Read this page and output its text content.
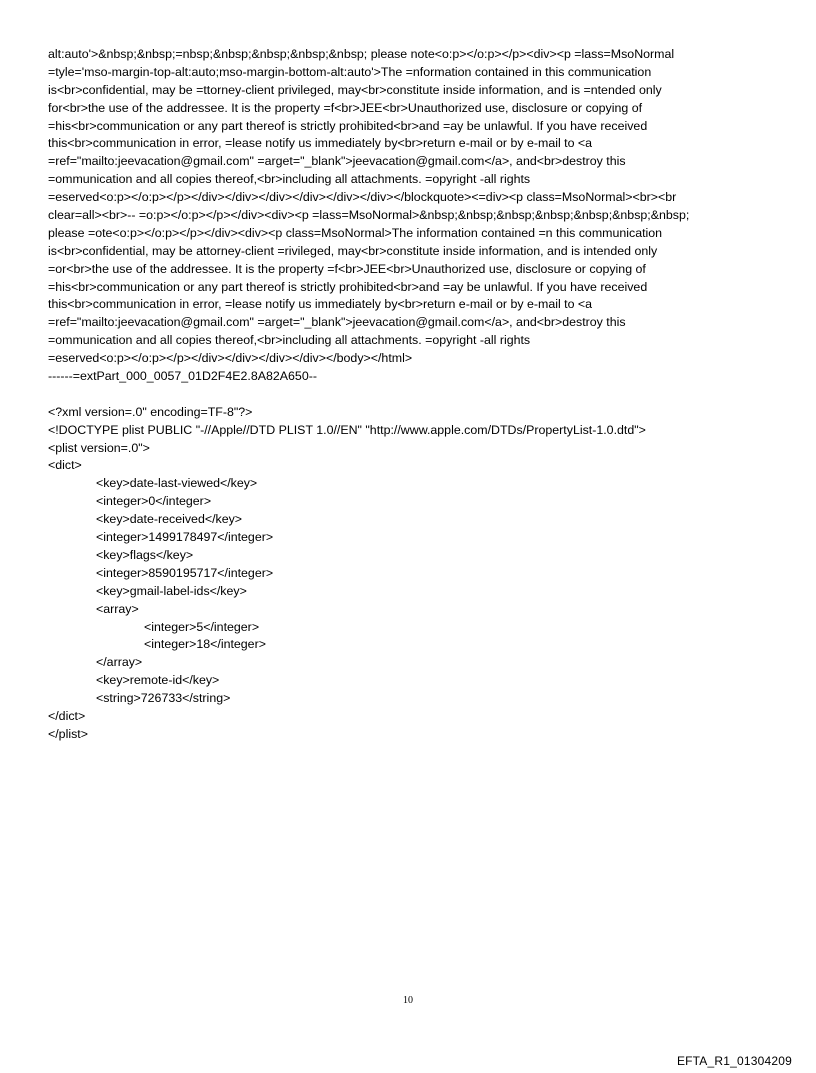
alt:auto'>&nbsp;&nbsp;=nbsp;&nbsp;&nbsp;&nbsp;&nbsp; please note<o:p></o:p></p><div><p =lass=MsoNormal
=tyle='mso-margin-top-alt:auto;mso-margin-bottom-alt:auto'>The =nformation contained in this communication
is<br>confidential, may be =ttorney-client privileged, may<br>constitute inside information, and is =ntended only
for<br>the use of the addressee. It is the property =f<br>JEE<br>Unauthorized use, disclosure or copying of
=his<br>communication or any part thereof is strictly prohibited<br>and =ay be unlawful. If you have received
this<br>communication in error, =lease notify us immediately by<br>return e-mail or by e-mail to <a
=ref="mailto:jeevacation@gmail.com" =arget="_blank">jeevacation@gmail.com</a>, and<br>destroy this
=ommunication and all copies thereof,<br>including all attachments. =opyright -all rights
=eserved<o:p></o:p></p></div></div></div></div></div></div></blockquote><=div><p class=MsoNormal><br><br
clear=all><br>-- =o:p></o:p></p></div><div><p =lass=MsoNormal>&nbsp;&nbsp;&nbsp;&nbsp;&nbsp;&nbsp;&nbsp;
please =ote<o:p></o:p></p></div><div><p class=MsoNormal>The information contained =n this communication
is<br>confidential, may be attorney-client =rivileged, may<br>constitute inside information, and is intended only
=or<br>the use of the addressee. It is the property =f<br>JEE<br>Unauthorized use, disclosure or copying of
=his<br>communication or any part thereof is strictly prohibited<br>and =ay be unlawful. If you have received
this<br>communication in error, =lease notify us immediately by<br>return e-mail or by e-mail to <a
=ref="mailto:jeevacation@gmail.com" =arget="_blank">jeevacation@gmail.com</a>, and<br>destroy this
=ommunication and all copies thereof,<br>including all attachments. =opyright -all rights
=eserved<o:p></o:p></p></div></div></div></div></body></html>
------=extPart_000_0057_01D2F4E2.8A82A650--
<?xml version=.0" encoding=TF-8"?>
<!DOCTYPE plist PUBLIC "-//Apple//DTD PLIST 1.0//EN" "http://www.apple.com/DTDs/PropertyList-1.0.dtd">
<plist version=.0">
<dict>
<key>date-last-viewed</key>
<integer>0</integer>
<key>date-received</key>
<integer>1499178497</integer>
<key>flags</key>
<integer>8590195717</integer>
<key>gmail-label-ids</key>
<array>
<integer>5</integer>
<integer>18</integer>
</array>
<key>remote-id</key>
<string>726733</string>
</dict>
</plist>
10
EFTA_R1_01304209
